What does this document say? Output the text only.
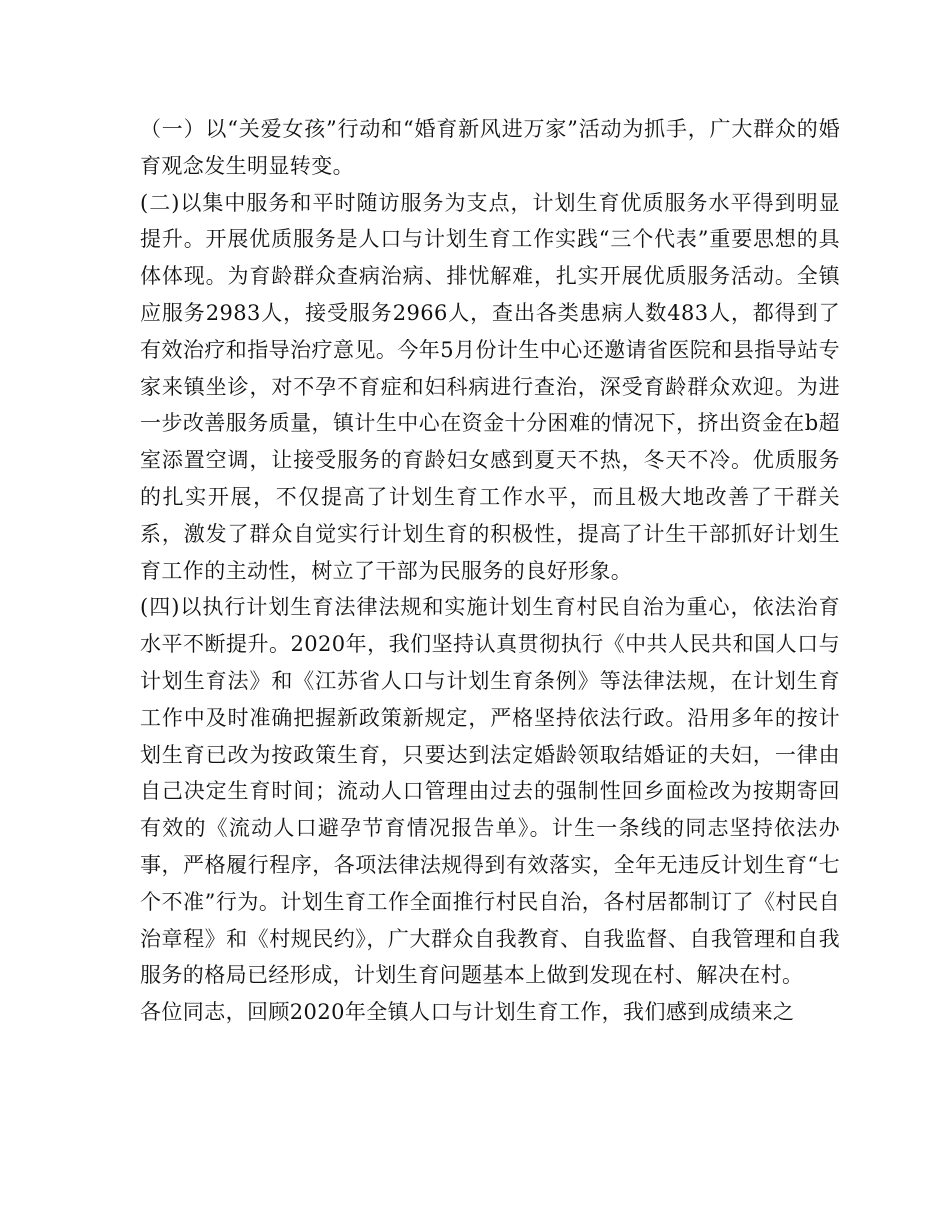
（一）以“关爱女孩”行动和“婚育新风进万家”活动为抓手，广大群众的婚育观念发生明显转变。

(二)以集中服务和平时随访服务为支点，计划生育优质服务水平得到明显提升。开展优质服务是人口与计划生育工作实践“三个代表”重要思想的具体体现。为育龄群众查病治病、排忧解难，扎实开展优质服务活动。全镇应服务2983人，接受服务2966人，查出各类患病人数483人，都得到了有效治疗和指导治疗意见。今年5月份计生中心还邀请省医院和县指导站专家来镇坐诊，对不孕不育症和妇科病进行查治，深受育龄群众欢迎。为进一步改善服务质量，镇计生中心在资金十分困难的情况下，挤出资金在b超室添置空调，让接受服务的育龄妇女感到夏天不热，冬天不冷。优质服务的扎实开展，不仅提高了计划生育工作水平，而且极大地改善了干群关系，激发了群众自觉实行计划生育的积极性，提高了计生干部抓好计划生育工作的主动性，树立了干部为民服务的良好形象。

(四)以执行计划生育法律法规和实施计划生育村民自治为重心，依法治育水平不断提升。2020年，我们坚持认真贯彻执行《中共人民共和国人口与计划生育法》和《江苏省人口与计划生育条例》等法律法规，在计划生育工作中及时准确把握新政策新规定，严格坚持依法行政。沿用多年的按计划生育已改为按政策生育，只要达到法定婚龄领取结婚证的夫妇，一律由自己决定生育时间；流动人口管理由过去的强制性回乡面检改为按期寄回有效的《流动人口避孕节育情况报告单》。计生一条线的同志坚持依法办事，严格履行程序，各项法律法规得到有效落实，全年无违反计划生育“七个不准”行为。计划生育工作全面推行村民自治，各村居都制订了《村民自治章程》和《村规民约》，广大群众自我教育、自我监督、自我管理和自我服务的格局已经形成，计划生育问题基本上做到发现在村、解决在村。

各位同志，回顾2020年全镇人口与计划生育工作，我们感到成绩来之
